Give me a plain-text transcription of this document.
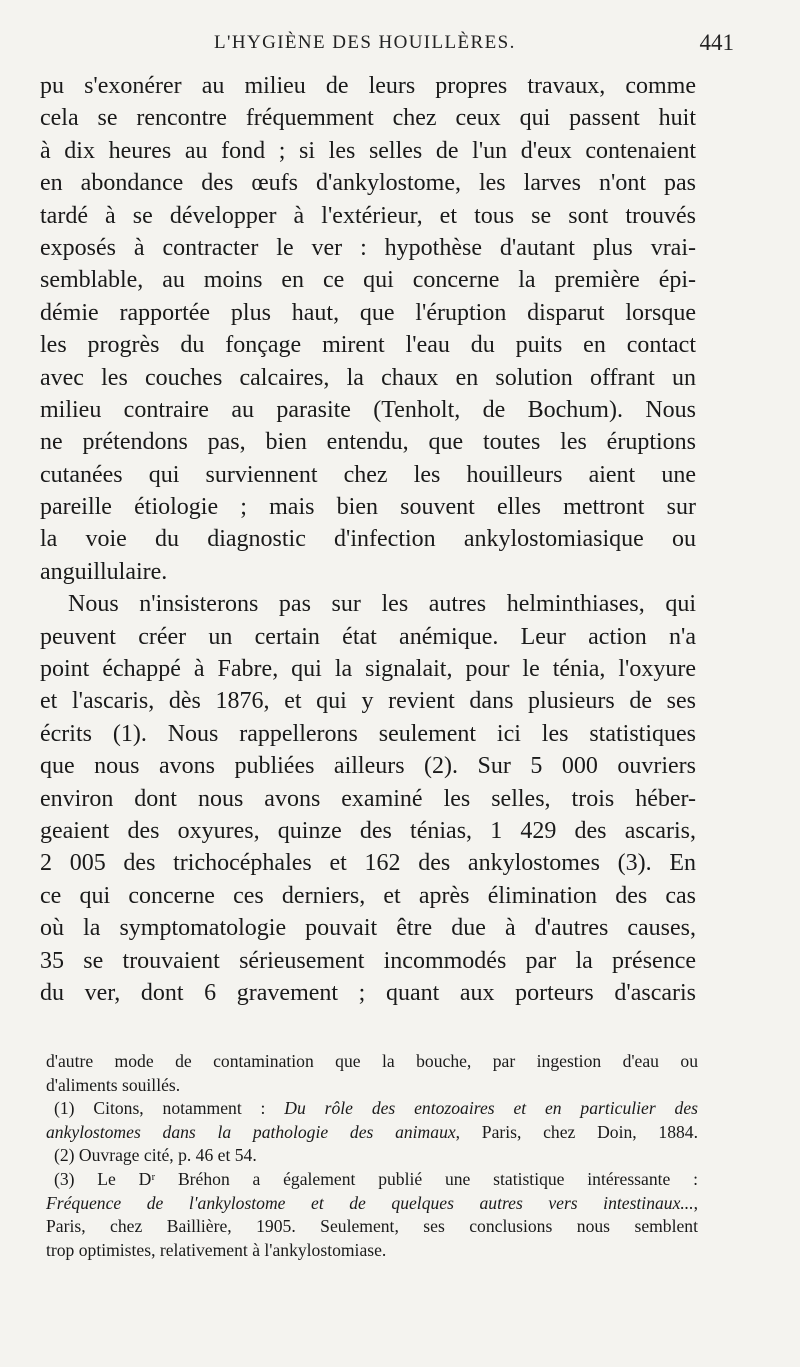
L'HYGIÈNE DES HOUILLÈRES.	441
pu s'exonérer au milieu de leurs propres travaux, comme
cela se rencontre fréquemment chez ceux qui passent huit
à dix heures au fond ; si les selles de l'un d'eux contenaient
en abondance des œufs d'ankylostome, les larves n'ont pas
tardé à se développer à l'extérieur, et tous se sont trouvés
exposés à contracter le ver : hypothèse d'autant plus vrai-
semblable, au moins en ce qui concerne la première épi-
démie rapportée plus haut, que l'éruption disparut lorsque
les progrès du fonçage mirent l'eau du puits en contact
avec les couches calcaires, la chaux en solution offrant un
milieu contraire au parasite (Tenholt, de Bochum). Nous
ne prétendons pas, bien entendu, que toutes les éruptions
cutanées qui surviennent chez les houilleurs aient une
pareille étiologie ; mais bien souvent elles mettront sur
la voie du diagnostic d'infection ankylostomiasique ou
anguillulaire.
Nous n'insisterons pas sur les autres helminthiases, qui
peuvent créer un certain état anémique. Leur action n'a
point échappé à Fabre, qui la signalait, pour le ténia, l'oxyure
et l'ascaris, dès 1876, et qui y revient dans plusieurs de ses
écrits (1). Nous rappellerons seulement ici les statistiques
que nous avons publiées ailleurs (2). Sur 5 000 ouvriers
environ dont nous avons examiné les selles, trois héber-
geaient des oxyures, quinze des ténias, 1 429 des ascaris,
2 005 des trichocéphales et 162 des ankylostomes (3). En
ce qui concerne ces derniers, et après élimination des cas
où la symptomatologie pouvait être due à d'autres causes,
35 se trouvaient sérieusement incommodés par la présence
du ver, dont 6 gravement ; quant aux porteurs d'ascaris
d'autre mode de contamination que la bouche, par ingestion d'eau ou
d'aliments souillés.
(1) Citons, notamment : Du rôle des entozoaires et en particulier des
ankylostomes dans la pathologie des animaux, Paris, chez Doin, 1884.
(2) Ouvrage cité, p. 46 et 54.
(3) Le Dʳ Bréhon a également publié une statistique intéressante :
Fréquence de l'ankylostome et de quelques autres vers intestinaux...,
Paris, chez Baillière, 1905. Seulement, ses conclusions nous semblent
trop optimistes, relativement à l'ankylostomiase.
